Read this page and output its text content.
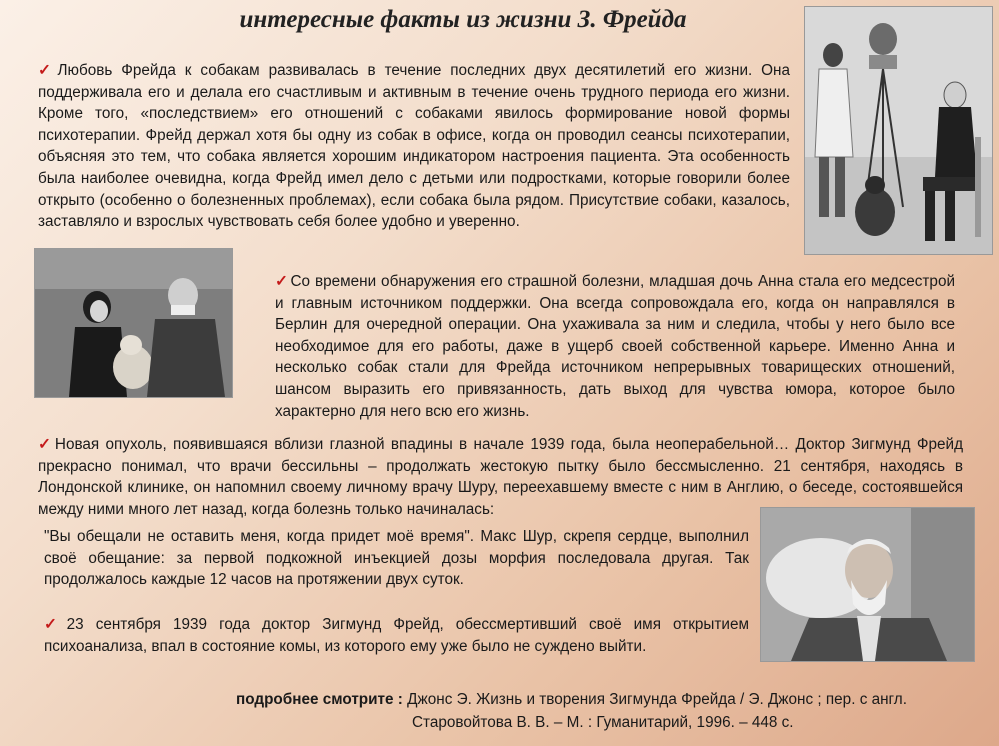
интересные факты из жизни З. Фрейда

✓ Любовь Фрейда к собакам развивалась в течение последних двух десятилетий его жизни. Она поддерживала его и делала его счастливым и активным в течение очень трудного периода его жизни. Кроме того, «последствием» его отношений с собаками явилось формирование новой формы психотерапии. Фрейд держал хотя бы одну из собак в офисе, когда он проводил сеансы психотерапии, объясняя это тем, что собака является хорошим индикатором настроения пациента. Эта особенность была наиболее очевидна, когда Фрейд имел дело с детьми или подростками, которые говорили более открыто (особенно о болезненных проблемах), если собака была рядом. Присутствие собаки, казалось, заставляло и взрослых чувствовать себя более удобно и уверенно.

✓ Со времени обнаружения его страшной болезни, младшая дочь Анна стала его медсестрой и главным источником поддержки. Она всегда сопровождала его, когда он направлялся в Берлин для очередной операции. Она ухаживала за ним и следила, чтобы у него было все необходимое для его работы, даже в ущерб своей собственной карьере. Именно Анна и несколько собак стали для Фрейда источником непрерывных товарищеских отношений, шансом выразить его привязанность, дать выход для чувства юмора, которое было характерно для него всю его жизнь.

✓ Новая опухоль, появившаяся вблизи глазной впадины в начале 1939 года, была неоперабельной… Доктор Зигмунд Фрейд прекрасно понимал, что врачи бессильны – продолжать жестокую пытку было бессмысленно. 21 сентября, находясь в Лондонской клинике, он напомнил своему личному врачу Шуру, переехавшему вместе с ним в Англию, о беседе, состоявшейся между ними много лет назад, когда болезнь только начиналась:

"Вы обещали не оставить меня, когда придет моё время". Макс Шур, скрепя сердце, выполнил своё обещание: за первой подкожной инъекцией дозы морфия последовала другая. Так продолжалось каждые 12 часов на протяжении двух суток.

✓ 23 сентября 1939 года доктор Зигмунд Фрейд, обессмертивший своё имя открытием психоанализа, впал в состояние комы, из которого ему уже было не суждено выйти.

подробнее смотрите : Джонс Э. Жизнь и творения Зигмунда Фрейда / Э. Джонс ; пер. с англ.
Старовойтова В. В. – М. : Гуманитарий, 1996. – 448 с.
